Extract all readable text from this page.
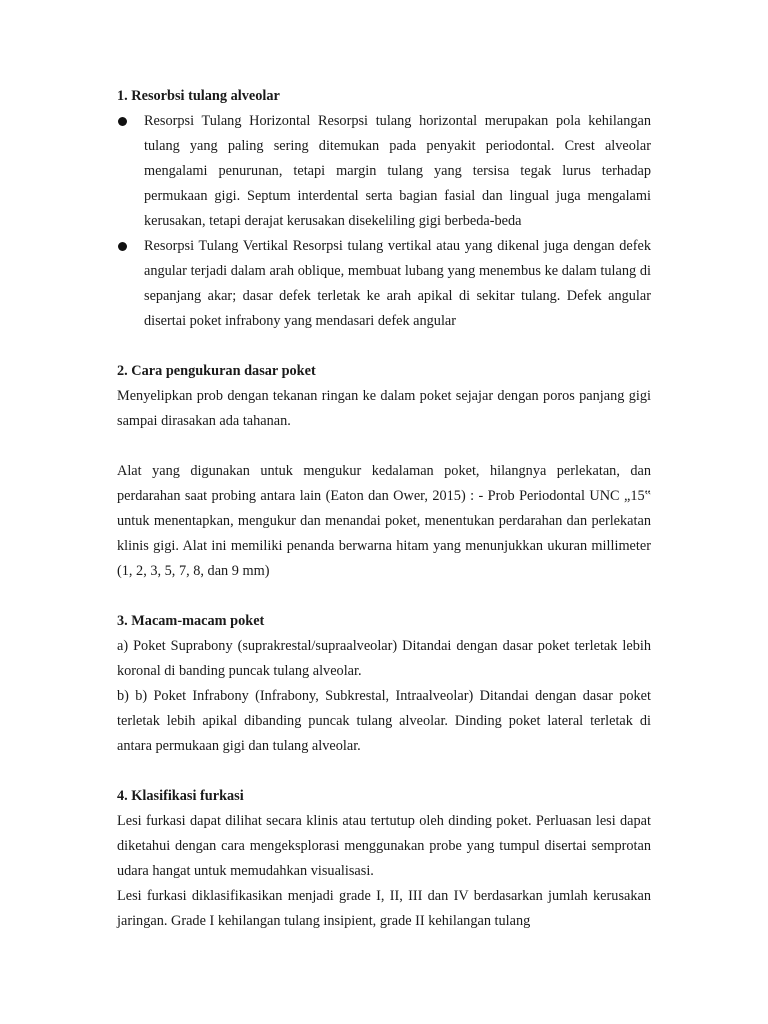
1. Resorbsi tulang alveolar

Resorpsi Tulang Horizontal Resorpsi tulang horizontal merupakan pola kehilangan tulang yang paling sering ditemukan pada penyakit periodontal. Crest alveolar mengalami penurunan, tetapi margin tulang yang tersisa tegak lurus terhadap permukaan gigi. Septum interdental serta bagian fasial dan lingual juga mengalami kerusakan, tetapi derajat kerusakan disekeliling gigi berbeda-beda
Resorpsi Tulang Vertikal Resorpsi tulang vertikal atau yang dikenal juga dengan defek angular terjadi dalam arah oblique, membuat lubang yang menembus ke dalam tulang di sepanjang akar; dasar defek terletak ke arah apikal di sekitar tulang. Defek angular disertai poket infrabony yang mendasari defek angular

2. Cara pengukuran dasar poket

Menyelipkan prob dengan tekanan ringan ke dalam poket sejajar dengan poros panjang gigi sampai dirasakan ada tahanan.

Alat yang digunakan untuk mengukur kedalaman poket, hilangnya perlekatan, dan perdarahan saat probing antara lain (Eaton dan Ower, 2015) : - Prob Periodontal UNC „15‟ untuk menentapkan, mengukur dan menandai poket, menentukan perdarahan dan perlekatan klinis gigi. Alat ini memiliki penanda berwarna hitam yang menunjukkan ukuran millimeter (1, 2, 3, 5, 7, 8, dan 9 mm)

3. Macam-macam poket

a) Poket Suprabony (suprakrestal/supraalveolar) Ditandai dengan dasar poket terletak lebih koronal di banding puncak tulang alveolar.

b) b) Poket Infrabony (Infrabony, Subkrestal, Intraalveolar) Ditandai dengan dasar poket terletak lebih apikal dibanding puncak tulang alveolar. Dinding poket lateral terletak di antara permukaan gigi dan tulang alveolar.

4. Klasifikasi furkasi

Lesi furkasi dapat dilihat secara klinis atau tertutup oleh dinding poket. Perluasan lesi dapat diketahui dengan cara mengeksplorasi menggunakan probe yang tumpul disertai semprotan udara hangat untuk memudahkan visualisasi.

Lesi furkasi diklasifikasikan menjadi grade I, II, III dan IV berdasarkan jumlah kerusakan jaringan. Grade I kehilangan tulang insipient, grade II kehilangan tulang
